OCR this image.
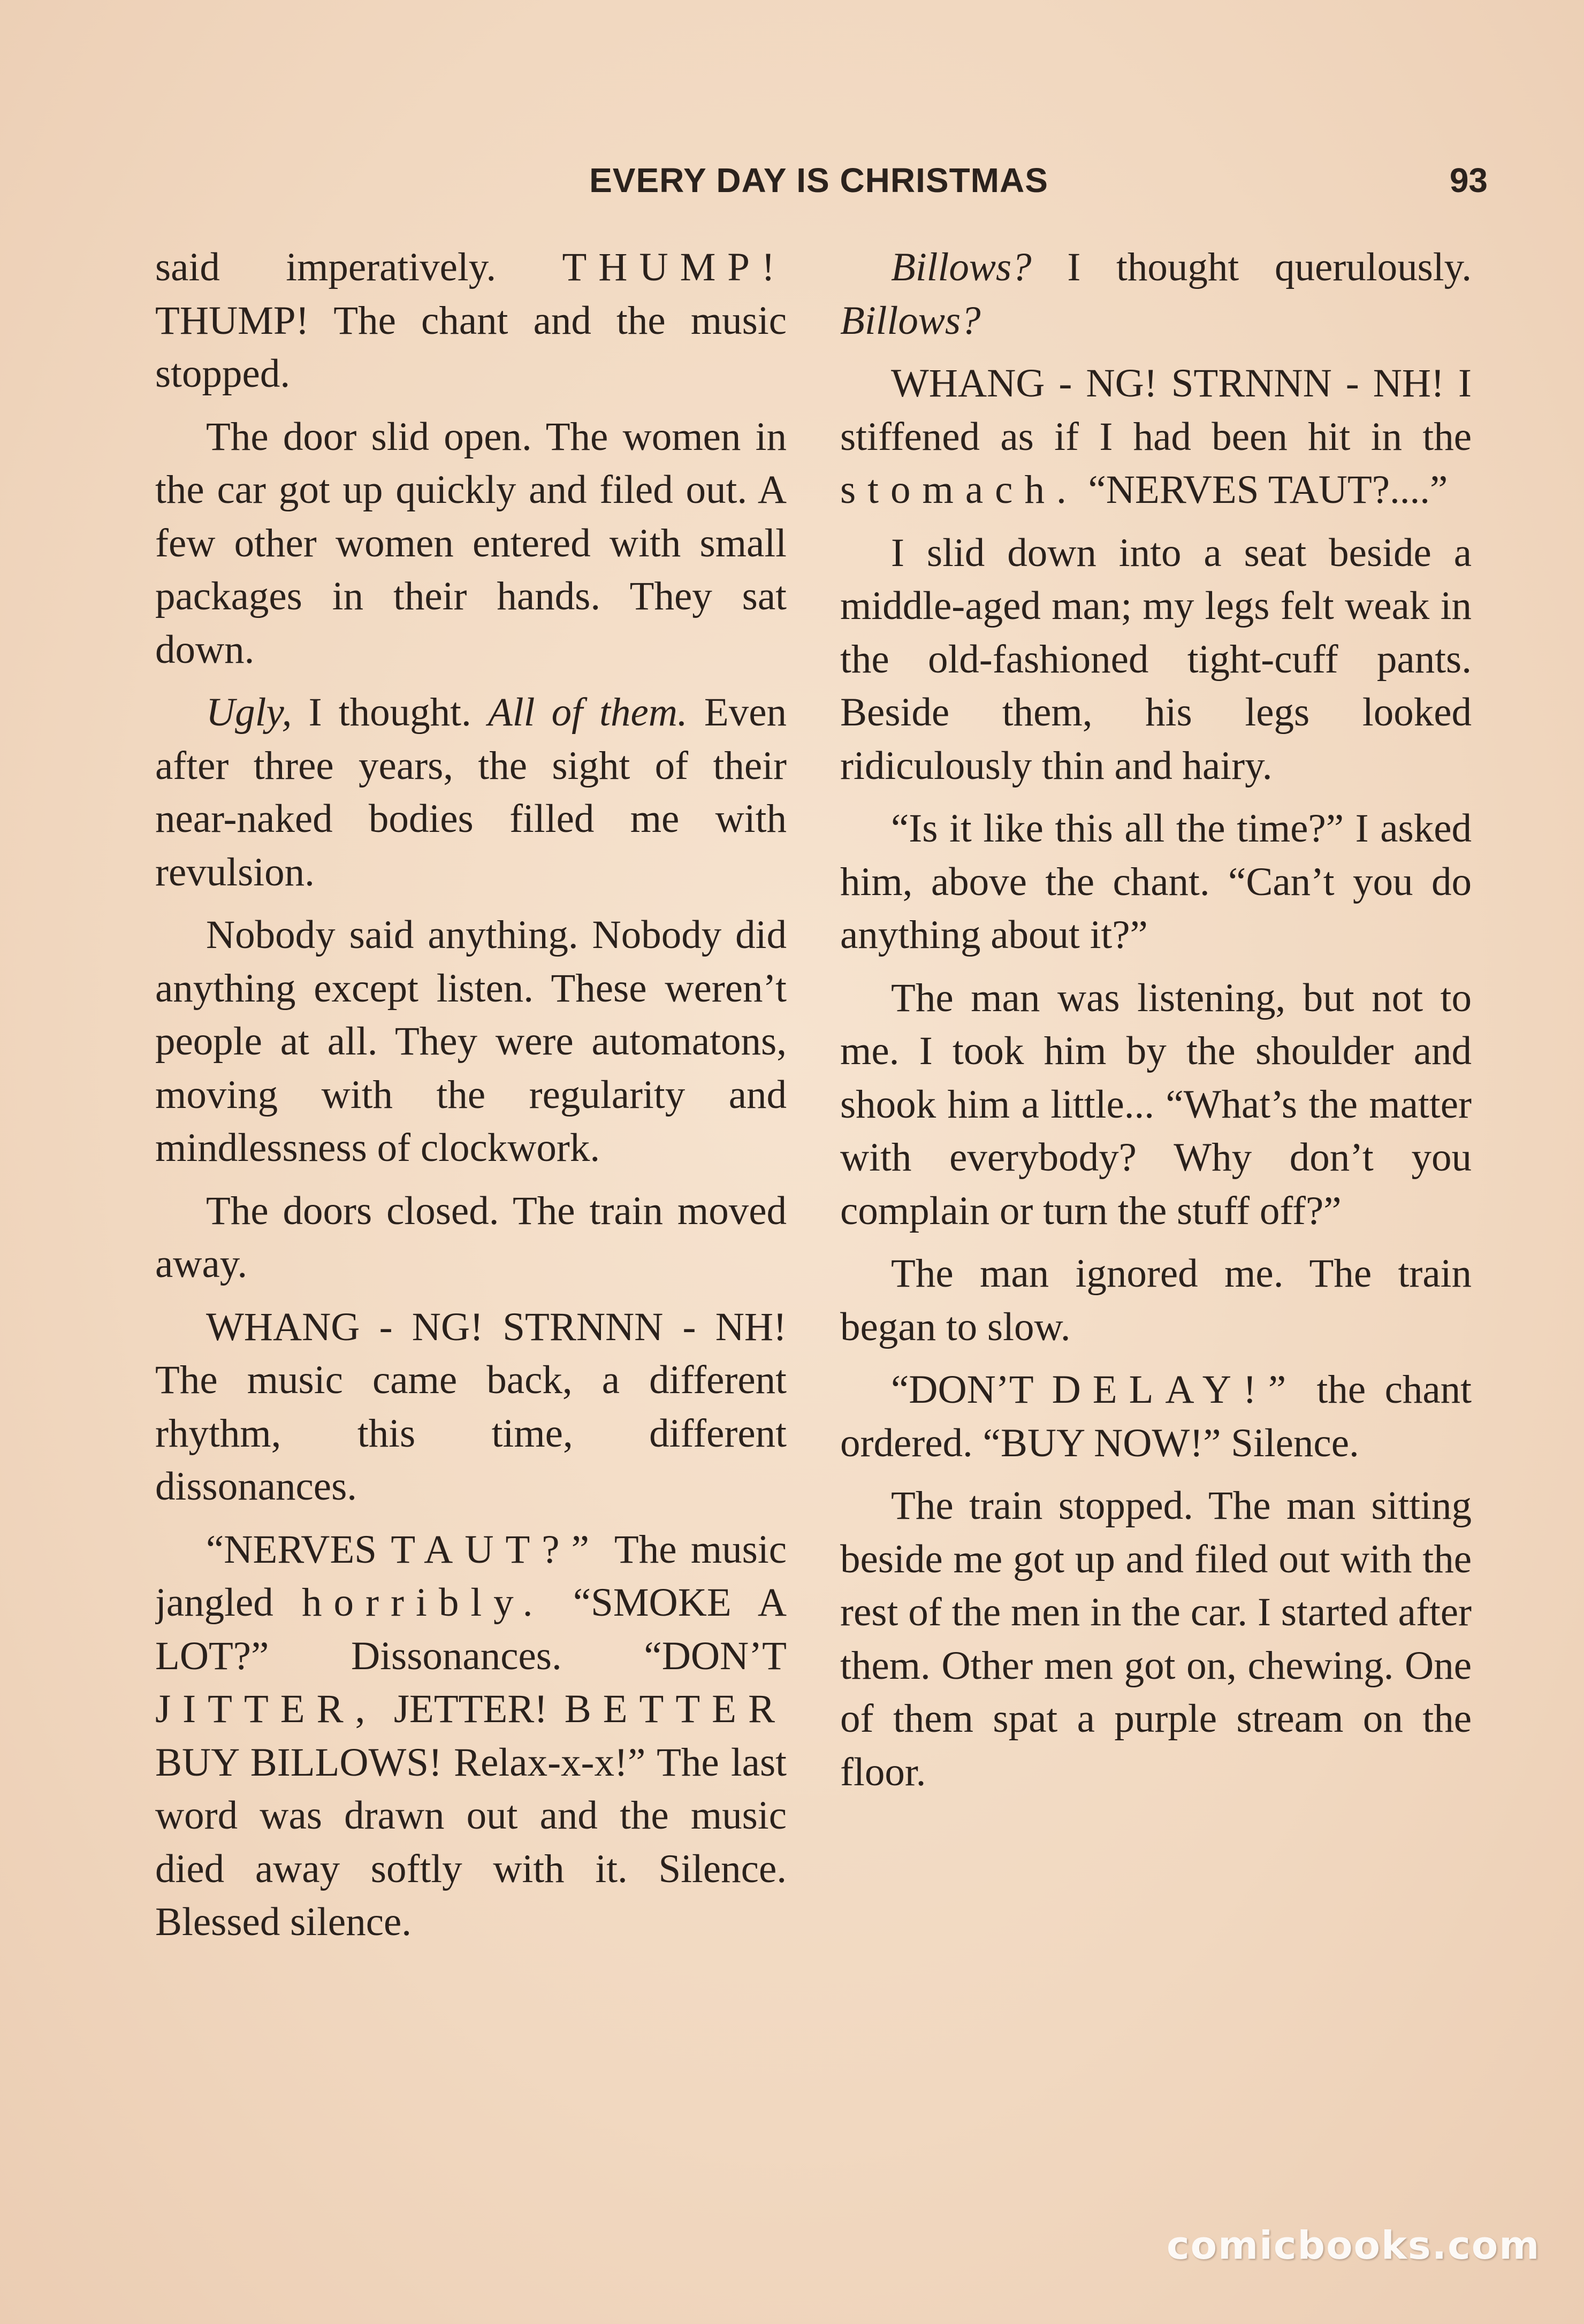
EVERY DAY IS CHRISTMAS	93

said imperatively. THUMP! THUMP! The chant and the music stopped.

The door slid open. The women in the car got up quickly and filed out. A few other women entered with small packages in their hands. They sat down.

Ugly, I thought. All of them. Even after three years, the sight of their near-naked bodies filled me with revulsion.

Nobody said anything. Nobody did anything except listen. These weren’t people at all. They were automatons, moving with the regularity and mindlessness of clockwork.

The doors closed. The train moved away.

WHANG - NG! STRNNN - NH! The music came back, a different rhythm, this time, different dissonances.

“NERVES TAUT?” The music jangled horribly. “SMOKE A LOT?” Dissonances. “DON’T JITTER, JETTER! BETTER BUY BILLOWS! Relax-x-x!” The last word was drawn out and the music died away softly with it. Silence. Blessed silence.

Billows? I thought querulously. Billows?

WHANG - NG! STRNNN - NH! I stiffened as if I had been hit in the stomach. “NERVES TAUT?....”

I slid down into a seat beside a middle-aged man; my legs felt weak in the old-fashioned tight-cuff pants. Beside them, his legs looked ridiculously thin and hairy.

“Is it like this all the time?” I asked him, above the chant. “Can’t you do anything about it?”

The man was listening, but not to me. I took him by the shoulder and shook him a little... “What’s the matter with everybody? Why don’t you complain or turn the stuff off?”

The man ignored me. The train began to slow.

“DON’T DELAY!” the chant ordered. “BUY NOW!” Silence.

The train stopped. The man sitting beside me got up and filed out with the rest of the men in the car. I started after them. Other men got on, chewing. One of them spat a purple stream on the floor.

comicbooks.com
